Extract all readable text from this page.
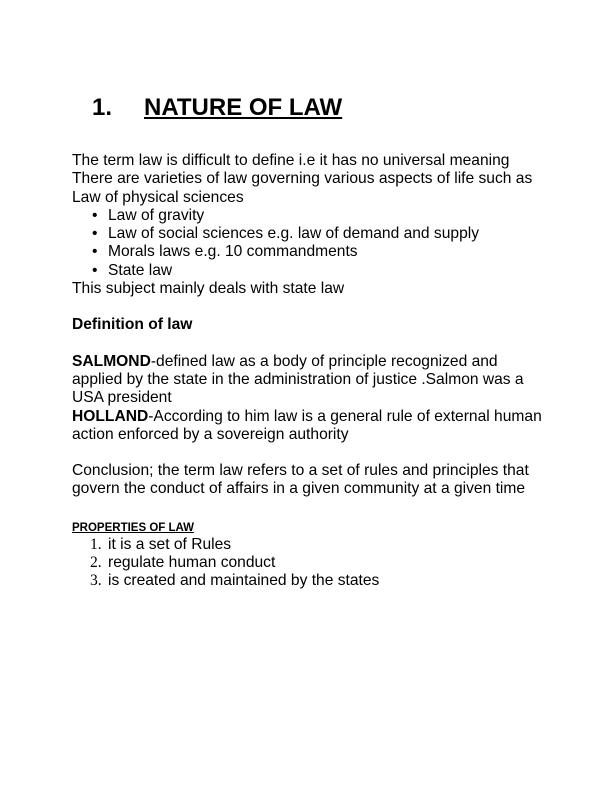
1. NATURE OF LAW

The term law is difficult to define i.e it has no universal meaning

There are varieties of law governing various aspects of life such as

Law of physical sciences

• Law of gravity
• Law of social sciences e.g. law of demand and supply
• Morals laws e.g. 10 commandments
• State law

This subject mainly deals with state law

Definition of law

SALMOND-defined law as a body of principle recognized and applied by the state in the administration of justice .Salmon was a USA president

HOLLAND-According to him law is a general rule of external human action enforced by a sovereign authority

Conclusion; the term law refers to a set of rules and principles that govern the conduct of affairs in a given community at a given time

PROPERTIES OF LAW

1. it is a set of Rules
2. regulate human conduct
3. is created and maintained by the states
